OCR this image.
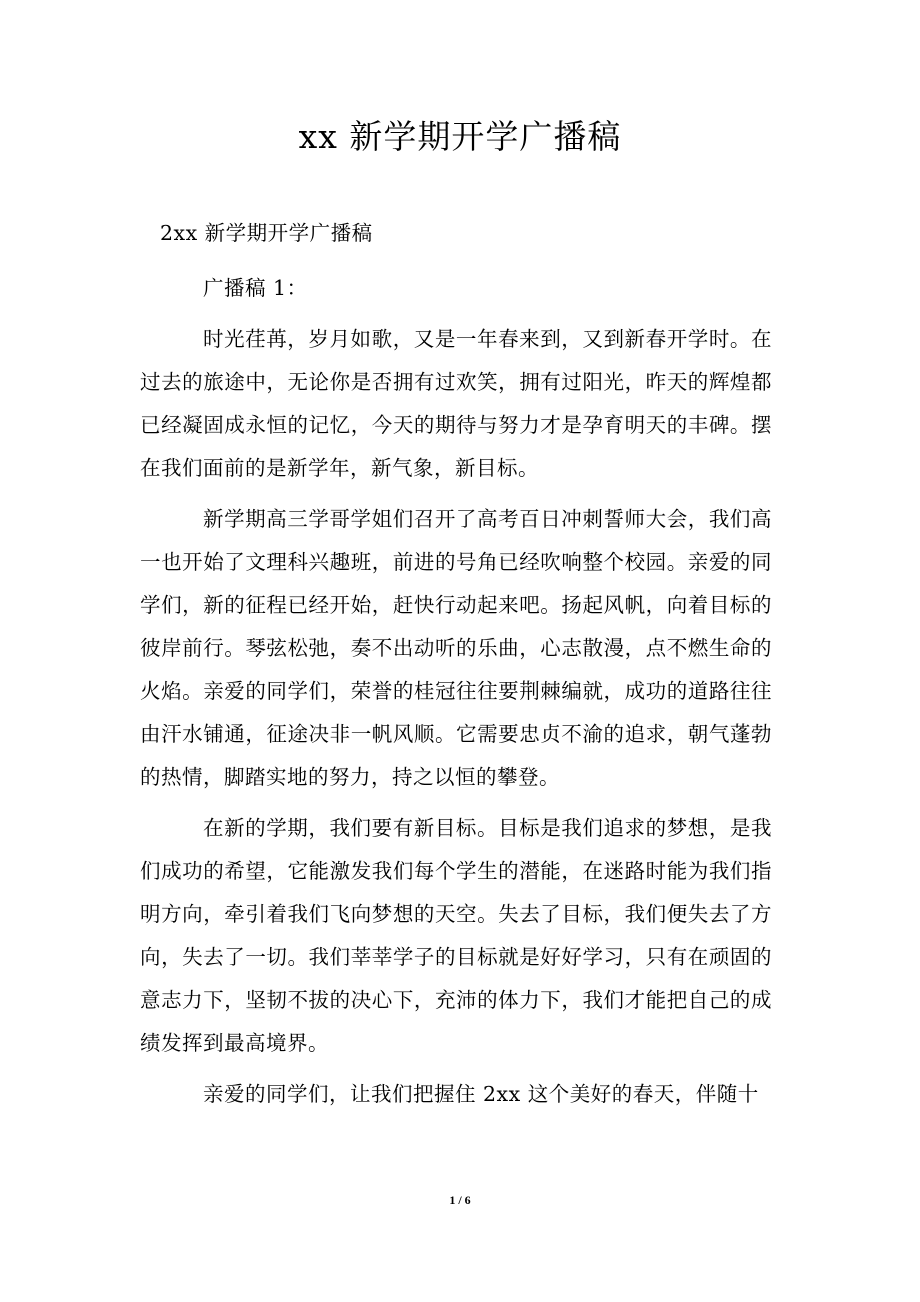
xx 新学期开学广播稿

2xx 新学期开学广播稿

广播稿 1：

时光荏苒，岁月如歌，又是一年春来到，又到新春开学时。在过去的旅途中，无论你是否拥有过欢笑，拥有过阳光，昨天的辉煌都已经凝固成永恒的记忆，今天的期待与努力才是孕育明天的丰碑。摆在我们面前的是新学年，新气象，新目标。

新学期高三学哥学姐们召开了高考百日冲刺誓师大会，我们高一也开始了文理科兴趣班，前进的号角已经吹响整个校园。亲爱的同学们，新的征程已经开始，赶快行动起来吧。扬起风帆，向着目标的彼岸前行。琴弦松弛，奏不出动听的乐曲，心志散漫，点不燃生命的火焰。亲爱的同学们，荣誉的桂冠往往要荆棘编就，成功的道路往往由汗水铺通，征途决非一帆风顺。它需要忠贞不渝的追求，朝气蓬勃的热情，脚踏实地的努力，持之以恒的攀登。

在新的学期，我们要有新目标。目标是我们追求的梦想，是我们成功的希望，它能激发我们每个学生的潜能，在迷路时能为我们指明方向，牵引着我们飞向梦想的天空。失去了目标，我们便失去了方向，失去了一切。我们莘莘学子的目标就是好好学习，只有在顽固的意志力下，坚韧不拔的决心下，充沛的体力下，我们才能把自己的成绩发挥到最高境界。

亲爱的同学们，让我们把握住 2xx 这个美好的春天，伴随十

1 / 6
